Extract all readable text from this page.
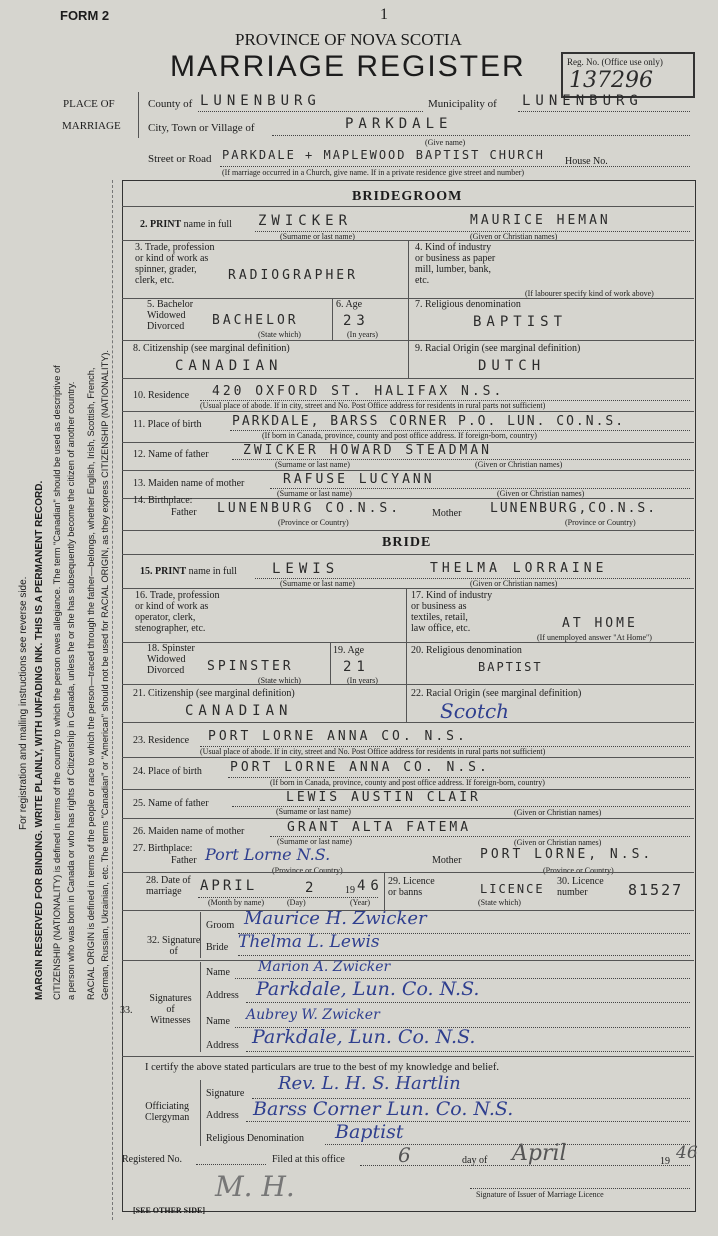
For registration and mailing instructions see reverse side. MARGIN RESERVED FOR BINDING. WRITE PLAINLY, WITH UNFADING INK. THIS IS A PERMANENT RECORD. CITIZENSHIP (NATIONALITY) is defined in terms of the country to which the person owes allegiance. The term "Canadian" should be used as descriptive of a person who was born in Canada or who has rights of Citizenship in Canada, unless he or she has subsequently become the citizen of another country. RACIAL ORIGIN is defined in terms of the people or race to which the person—traced through the father—belongs, whether English, Irish, Scottish, French, German, Russian, Ukrainian, etc. The terms "Canadian" or "American" should not be used for RACIAL ORIGIN, as they express CITIZENSHIP (NATIONALITY).
FORM 2	1
PROVINCE OF NOVA SCOTIA
MARRIAGE REGISTER	Reg. No. (Office use only)
137296
PLACE OF
MARRIAGE
County of LUNENBURG	Municipality of LUNENBURG
City, Town or Village of	PARKDALE
(Give name)
Street or Road PARKDALE + MAPLEWOOD BAPTIST CHURCH House No.
(If marriage occurred in a Church, give name. If in a private residence give street and number)
BRIDEGROOM
2. PRINT name in full ZWICKER	MAURICE HEMAN
(Surname or last name)	(Given or Christian names)
3. Trade, profession
or kind of work as
spinner, grader,
clerk, etc.	RADIOGRAPHER
4. Kind of industry
or business as paper
mill, lumber, bank,
etc.
(If labourer specify kind of work above)
5. Bachelor
Widowed
Divorced	BACHELOR
(State which)
6. Age
23
(In years)
7. Religious denomination
BAPTIST
8. Citizenship (see marginal definition)
CANADIAN
9. Racial Origin (see marginal definition)
DUTCH
10. Residence 420 OXFORD ST. HALIFAX N.S.
(Usual place of abode. If in city, street and No. Post Office address for residents in rural parts not sufficient)
11. Place of birth PARKDALE, BARSS CORNER P.O. LUN. CO.N.S.
(If born in Canada, province, county and post office address. If foreign-born, country)
12. Name of father	ZWICKER HOWARD STEADMAN
(Surname or last name)	(Given or Christian names)
13. Maiden name of mother	RAFUSE LUCYANN
(Surname or last name)	(Given or Christian names)
14. Birthplace:
Father LUNENBURG CO.N.S.	Mother LUNENBURG,CO.N.S.
(Province or Country)	(Province or Country)
BRIDE
15. PRINT name in full	LEWIS	THELMA LORRAINE
(Surname or last name)	(Given or Christian names)
16. Trade, profession
or kind of work as
operator, clerk,
stenographer, etc.
17. Kind of industry
or business as
textiles, retail,
law office, etc.	AT HOME
(If unemployed answer "At Home")
18. Spinster
Widowed
Divorced	SPINSTER
(State which)
19. Age
21
(In years)
20. Religious denomination
BAPTIST
21. Citizenship (see marginal definition)
CANADIAN
22. Racial Origin (see marginal definition)
Scotch
23. Residence PORT LORNE ANNA CO. N.S.
(Usual place of abode. If in city, street and No. Post Office address for residents in rural parts not sufficient)
24. Place of birth PORT LORNE ANNA CO. N.S.
(If born in Canada, province, county and post office address. If foreign-born, country)
25. Name of father	LEWIS AUSTIN CLAIR
(Surname or last name)	(Given or Christian names)
26. Maiden name of mother	GRANT ALTA FATEMA
(Surname or last name)	(Given or Christian names)
27. Birthplace:
Father Port Lorne N.S.	Mother PORT LORNE, N.S.
(Province or Country)	(Province or Country)
28. Date of
marriage	APRIL	2	19 46
(Month by name)	(Day)	(Year)
29. Licence
or banns	LICENCE
(State which)
30. Licence
number	81527
32. Signature
of
Groom Maurice H. Zwicker
Bride Thelma L. Lewis
33.
Signatures
of
Witnesses
Name Marion A. Zwicker
Address Parkdale, Lun. Co. N.S.
Name Aubrey W. Zwicker
Address Parkdale, Lun. Co. N.S.
I certify the above stated particulars are true to the best of my knowledge and belief.
Officiating
Clergyman
Signature Rev. L. H. S. Hartlin
Address Barss Corner Lun. Co. N.S.
Religious Denomination Baptist
Registered No.	Filed at this office	6	day of April	19 46
M. H.	Signature of Issuer of Marriage Licence
[SEE OTHER SIDE]
